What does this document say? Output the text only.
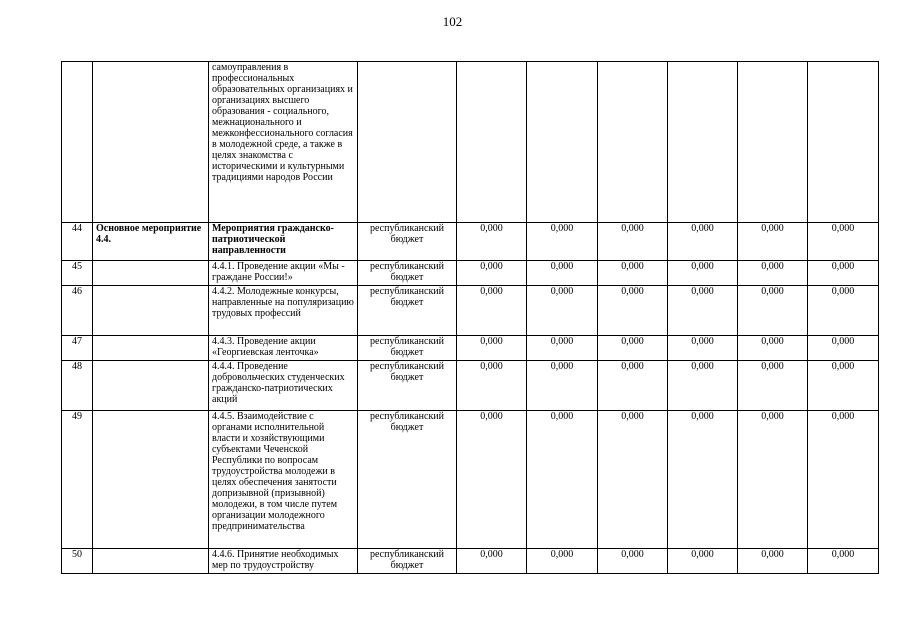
102
		самоуправления в профессиональных образовательных организациях и организациях высшего образования - социального, межнационального и межконфессионального согласия в молодежной среде, а также в целях знакомства с историческими и культурными традициями народов России							
44	Основное мероприятие 4.4.	Мероприятия гражданско-патриотической направленности	республиканский бюджет	0,000	0,000	0,000	0,000	0,000	0,000
45		4.4.1. Проведение акции «Мы - граждане России!»	республиканский бюджет	0,000	0,000	0,000	0,000	0,000	0,000
46		4.4.2. Молодежные конкурсы, направленные на популяризацию трудовых профессий	республиканский бюджет	0,000	0,000	0,000	0,000	0,000	0,000
47		4.4.3. Проведение акции «Георгиевская ленточка»	республиканский бюджет	0,000	0,000	0,000	0,000	0,000	0,000
48		4.4.4. Проведение добровольческих студенческих гражданско-патриотических акций	республиканский бюджет	0,000	0,000	0,000	0,000	0,000	0,000
49		4.4.5. Взаимодействие с органами исполнительной власти и хозяйствующими субъектами Чеченской Республики по вопросам трудоустройства молодежи в целях обеспечения занятости допризывной (призывной) молодежи, в том числе путем организации молодежного предпринимательства	республиканский бюджет	0,000	0,000	0,000	0,000	0,000	0,000
50		4.4.6. Принятие необходимых мер по трудоустройству	республиканский бюджет	0,000	0,000	0,000	0,000	0,000	0,000
